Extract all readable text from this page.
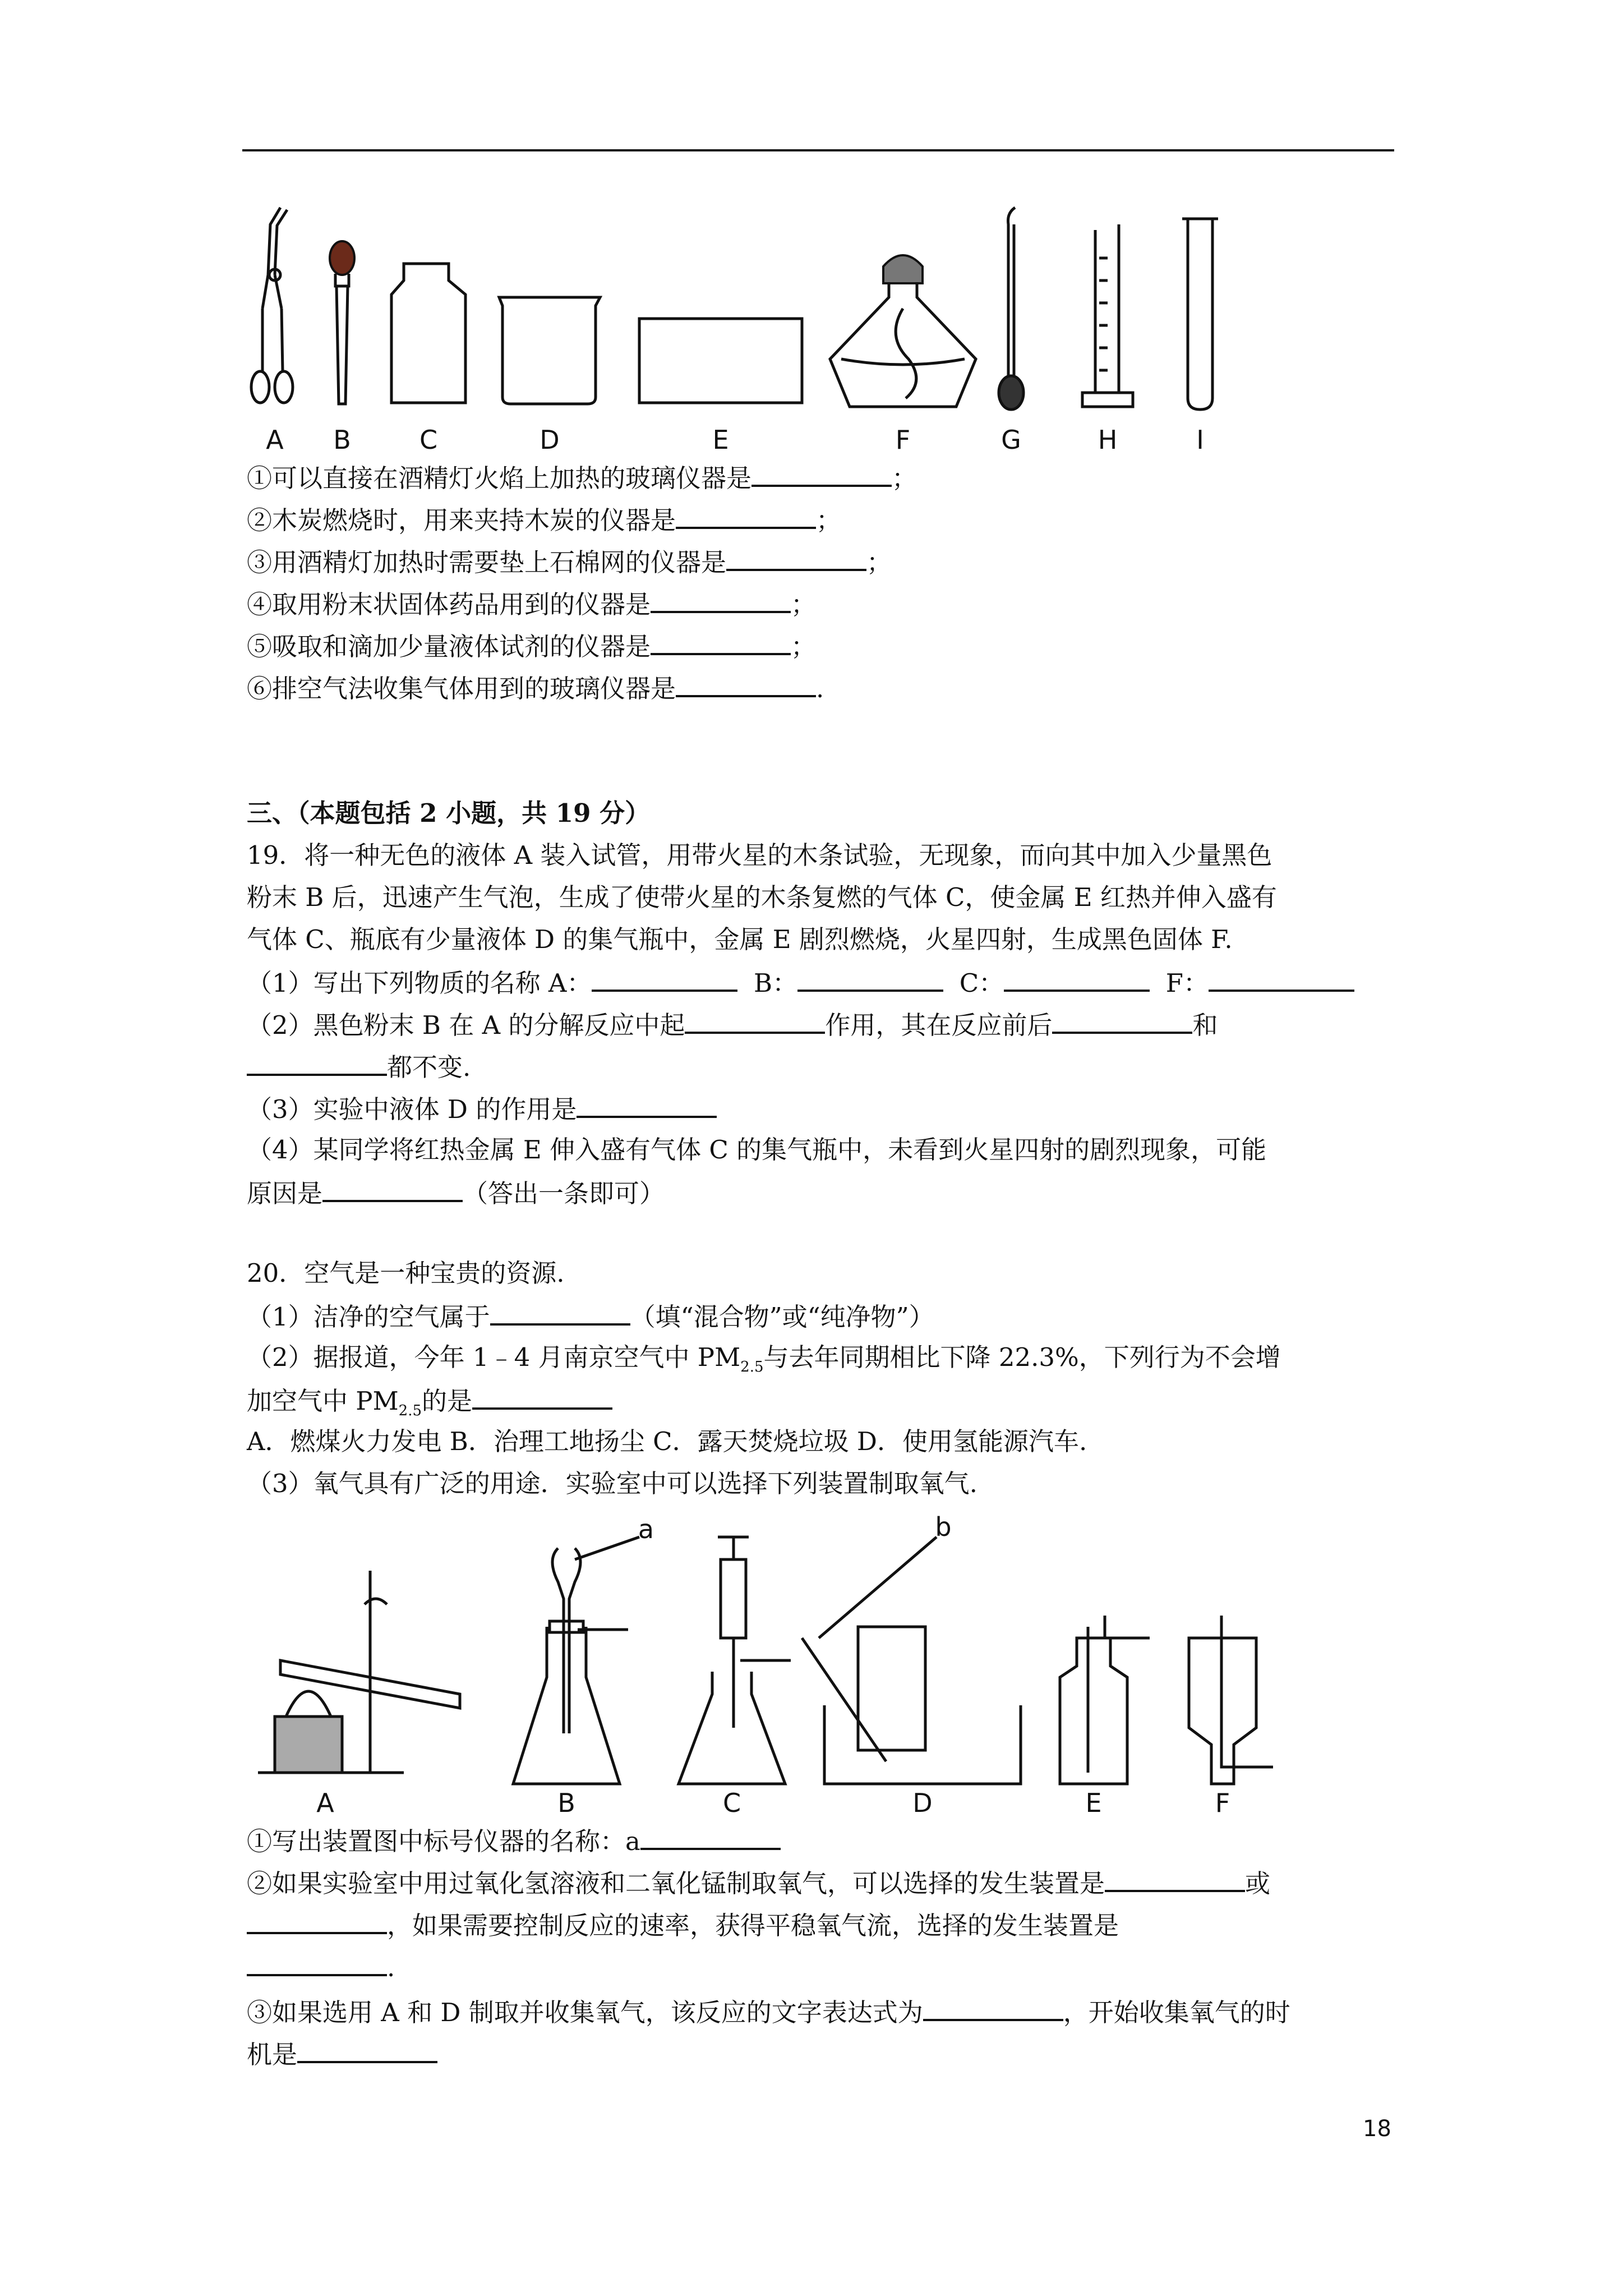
A B	C	D	E	F	G	H	I
①可以直接在酒精灯火焰上加热的玻璃仪器是	；
②木炭燃烧时，用来夹持木炭的仪器是	；
③用酒精灯加热时需要垫上石棉网的仪器是	；
④取用粉末状固体药品用到的仪器是	；
⑤吸取和滴加少量液体试剂的仪器是	；
⑥排空气法收集气体用到的玻璃仪器是	.
三、（本题包括 2 小题，共 19 分）
19．将一种无色的液体 A 装入试管，用带火星的木条试验，无现象，而向其中加入少量黑色
粉末 B 后，迅速产生气泡，生成了使带火星的木条复燃的气体 C，使金属 E 红热并伸入盛有
气体 C、瓶底有少量液体 D 的集气瓶中，金属 E 剧烈燃烧，火星四射，生成黑色固体 F.
（1）写出下列物质的名称 A：	B：	C：	F：
（2）黑色粉末 B 在 A 的分解反应中起	作用，其在反应前后	和
都不变.
（3）实验中液体 D 的作用是
（4）某同学将红热金属 E 伸入盛有气体 C 的集气瓶中，未看到火星四射的剧烈现象，可能
原因是	（答出一条即可）
20．空气是一种宝贵的资源.
（1）洁净的空气属于	（填“混合物”或“纯净物”）
（2）据报道，今年 1﹣4 月南京空气中 $PM_{2.5}$与去年同期相比下降 22.3%，下列行为不会增
加空气中 $PM_{2.5}$的是
A．燃煤火力发电 B．治理工地扬尘 C．露天焚烧垃圾 D．使用氢能源汽车.
（3）氧气具有广泛的用途．实验室中可以选择下列装置制取氧气.
A	B	C	D	E	F
a	b
①写出装置图中标号仪器的名称：a
②如果实验室中用过氧化氢溶液和二氧化锰制取氧气，可以选择的发生装置是	或
，如果需要控制反应的速率，获得平稳氧气流，选择的发生装置是
.
③如果选用 A 和 D 制取并收集氧气，该反应的文字表达式为	，开始收集氧气的时
机是
18
